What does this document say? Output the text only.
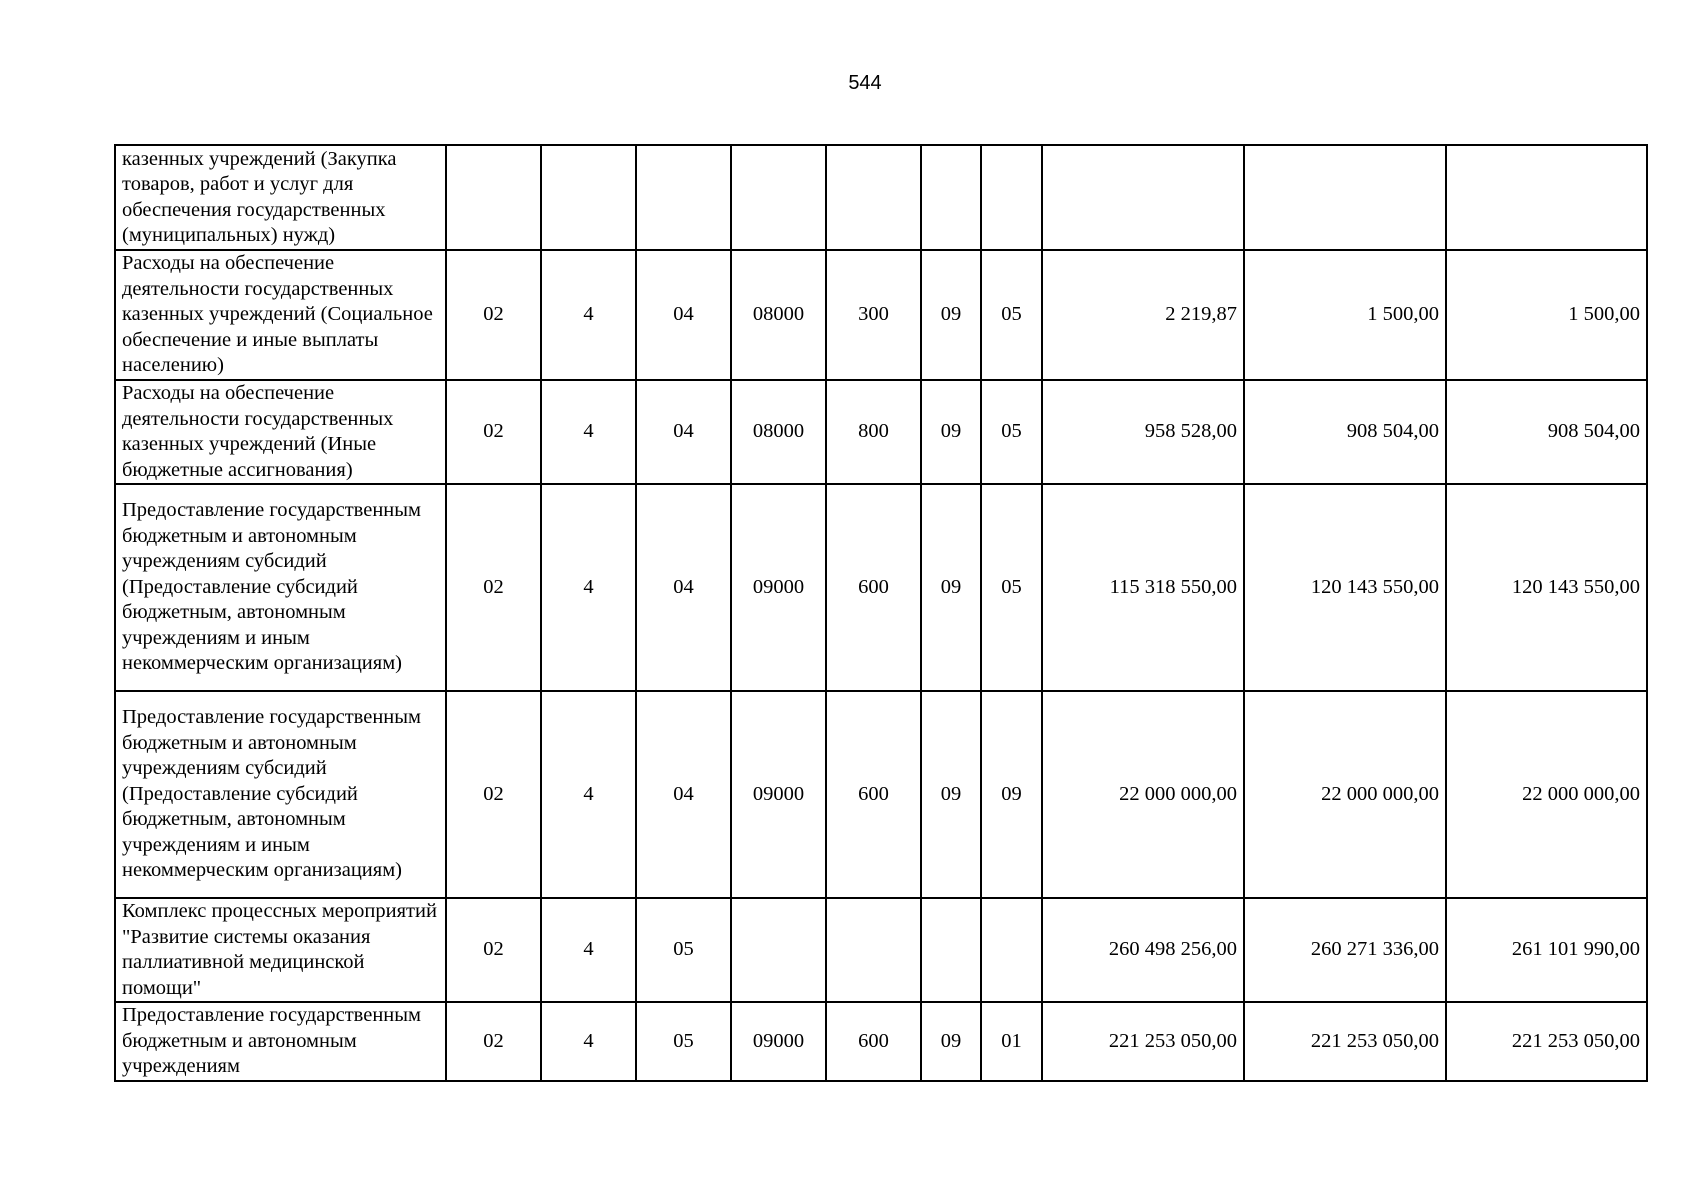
544
казенных учреждений (Закупка товаров, работ и услуг для обеспечения государственных (муниципальных) нужд)										
Расходы на обеспечение деятельности государственных казенных учреждений (Социальное обеспечение и иные выплаты населению)	02	4	04	08000	300	09	05	2 219,87	1 500,00	1 500,00
Расходы на обеспечение деятельности государственных казенных учреждений (Иные бюджетные ассигнования)	02	4	04	08000	800	09	05	958 528,00	908 504,00	908 504,00
Предоставление государственным бюджетным и автономным учреждениям субсидий (Предоставление субсидий бюджетным, автономным учреждениям и иным некоммерческим организациям)	02	4	04	09000	600	09	05	115 318 550,00	120 143 550,00	120 143 550,00
Предоставление государственным бюджетным и автономным учреждениям субсидий (Предоставление субсидий бюджетным, автономным учреждениям и иным некоммерческим организациям)	02	4	04	09000	600	09	09	22 000 000,00	22 000 000,00	22 000 000,00
Комплекс процессных мероприятий "Развитие системы оказания паллиативной медицинской помощи"	02	4	05					260 498 256,00	260 271 336,00	261 101 990,00
Предоставление государственным бюджетным и автономным учреждениям	02	4	05	09000	600	09	01	221 253 050,00	221 253 050,00	221 253 050,00
